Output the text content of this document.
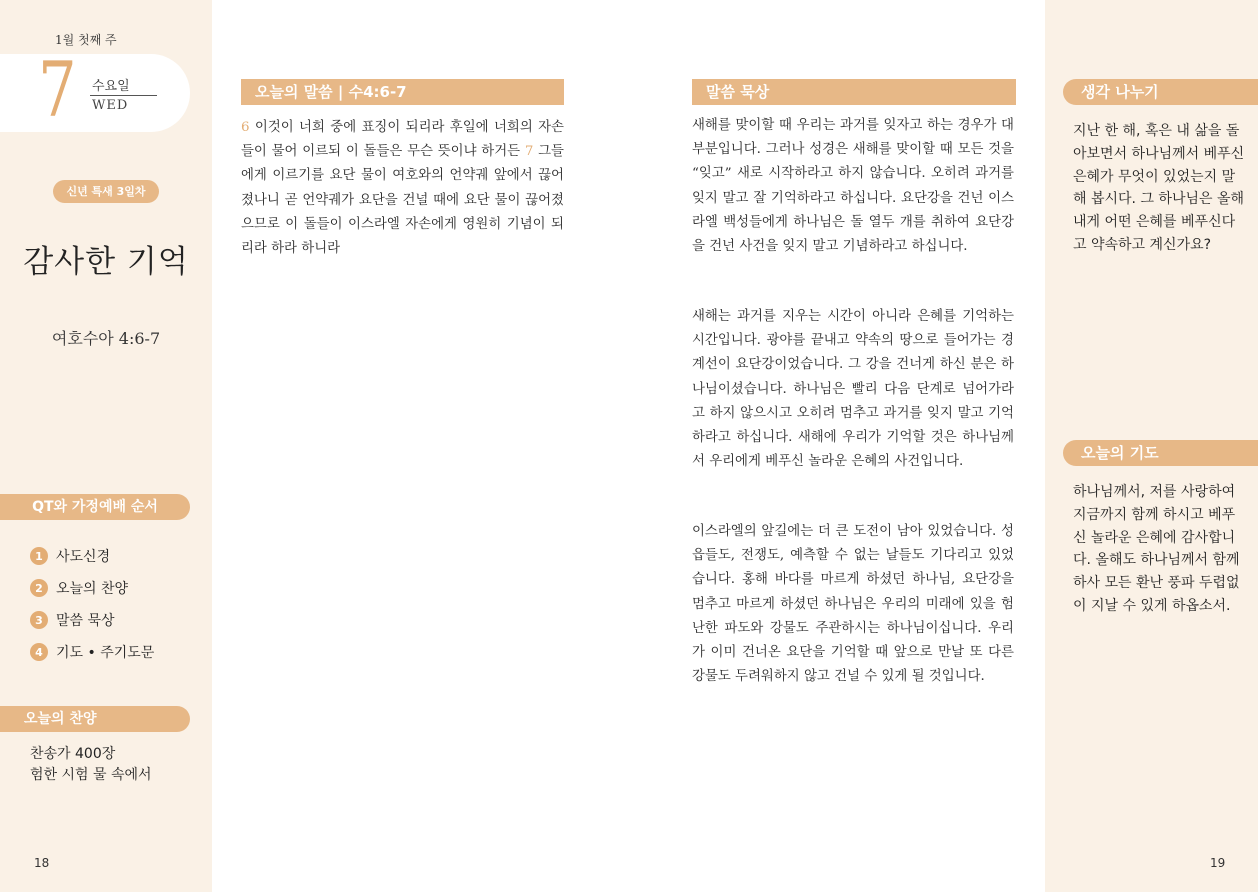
1월 첫째 주
7 수요일
WED
신년 특새 3일차
감사한 기억
여호수아 4:6-7
QT와 가정예배 순서
1 사도신경
2 오늘의 찬양
3 말씀 묵상
4 기도 • 주기도문
오늘의 찬양
찬송가 400장
험한 시험 물 속에서
18
오늘의 말씀 | 수4:6-7
6 이것이 너희 중에 표징이 되리라 후일에 너희의 자손들이 물어 이르되 이 돌들은 무슨 뜻이냐 하거든 7 그들에게 이르기를 요단 물이 여호와의 언약궤 앞에서 끊어졌나니 곧 언약궤가 요단을 건널 때에 요단 물이 끊어졌으므로 이 돌들이 이스라엘 자손에게 영원히 기념이 되리라 하라 하니라
말씀 묵상
새해를 맞이할 때 우리는 과거를 잊자고 하는 경우가 대부분입니다. 그러나 성경은 새해를 맞이할 때 모든 것을 “잊고” 새로 시작하라고 하지 않습니다. 오히려 과거를 잊지 말고 잘 기억하라고 하십니다. 요단강을 건넌 이스라엘 백성들에게 하나님은 돌 열두 개를 취하여 요단강을 건넌 사건을 잊지 말고 기념하라고 하십니다.
새해는 과거를 지우는 시간이 아니라 은혜를 기억하는 시간입니다. 광야를 끝내고 약속의 땅으로 들어가는 경계선이 요단강이었습니다. 그 강을 건너게 하신 분은 하나님이셨습니다. 하나님은 빨리 다음 단계로 넘어가라고 하지 않으시고 오히려 멈추고 과거를 잊지 말고 기억하라고 하십니다. 새해에 우리가 기억할 것은 하나님께서 우리에게 베푸신 놀라운 은혜의 사건입니다.
이스라엘의 앞길에는 더 큰 도전이 남아 있었습니다. 성읍들도, 전쟁도, 예측할 수 없는 날들도 기다리고 있었습니다. 홍해 바다를 마르게 하셨던 하나님, 요단강을 멈추고 마르게 하셨던 하나님은 우리의 미래에 있을 험난한 파도와 강물도 주관하시는 하나님이십니다. 우리가 이미 건너온 요단을 기억할 때 앞으로 만날 또 다른 강물도 두려워하지 않고 건널 수 있게 될 것입니다.
생각 나누기
지난 한 해, 혹은 내 삶을 돌아보면서 하나님께서 베푸신 은혜가 무엇이 있었는지 말해 봅시다. 그 하나님은 올해 내게 어떤 은혜를 베푸신다고 약속하고 계신가요?
오늘의 기도
하나님께서, 저를 사랑하여 지금까지 함께 하시고 베푸신 놀라운 은혜에 감사합니다. 올해도 하나님께서 함께 하사 모든 환난 풍파 두렵없이 지날 수 있게 하옵소서.
19
